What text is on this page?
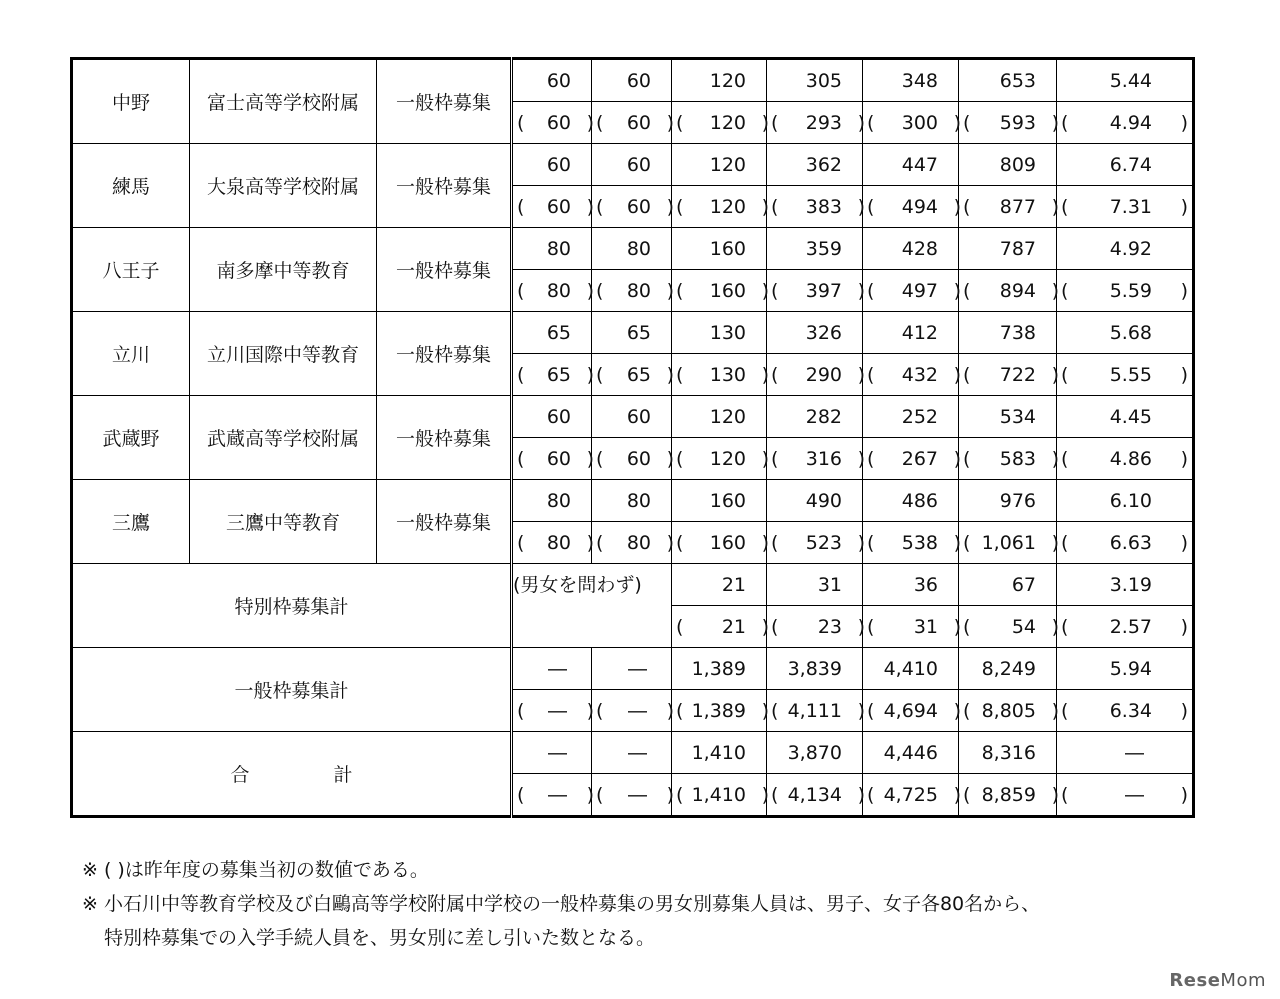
中野	富士高等学校附属	一般枠募集	60	60	120	305	348	653	5.44

			( 60 )	( 60 )	( 120 )	( 293 )	( 300 )	( 593 )	( 4.94 )

練馬	大泉高等学校附属	一般枠募集	60	60	120	362	447	809	6.74

			( 60 )	( 60 )	( 120 )	( 383 )	( 494 )	( 877 )	( 7.31 )

八王子	南多摩中等教育	一般枠募集	80	80	160	359	428	787	4.92

			( 80 )	( 80 )	( 160 )	( 397 )	( 497 )	( 894 )	( 5.59 )

立川	立川国際中等教育	一般枠募集	65	65	130	326	412	738	5.68

			( 65 )	( 65 )	( 130 )	( 290 )	( 432 )	( 722 )	( 5.55 )

武蔵野	武蔵高等学校附属	一般枠募集	60	60	120	282	252	534	4.45

			( 60 )	( 60 )	( 120 )	( 316 )	( 267 )	( 583 )	( 4.86 )

三鷹	三鷹中等教育	一般枠募集	80	80	160	490	486	976	6.10

			( 80 )	( 80 )	( 160 )	( 523 )	( 538 )	( 1,061 )	( 6.63 )

特別枠募集計			(男女を問わず)		21	31	36	67	3.19

					( 21 )	( 23 )	( 31 )	( 54 )	( 2.57 )

一般枠募集計			―	―	1,389	3,839	4,410	8,249	5.94

			( ― )	( ― )	( 1,389 )	( 4,111 )	( 4,694 )	( 8,805 )	( 6.34 )

合 計			―	―	1,410	3,870	4,446	8,316	―

			( ― )	( ― )	( 1,410 )	( 4,134 )	( 4,725 )	( 8,859 )	( ― )

※ ( )は昨年度の募集当初の数値である。

※ 小石川中等教育学校及び白鷗高等学校附属中学校の一般枠募集の男女別募集人員は、男子、女子各80名から、

特別枠募集での入学手続人員を、男女別に差し引いた数となる。

ReseMom
